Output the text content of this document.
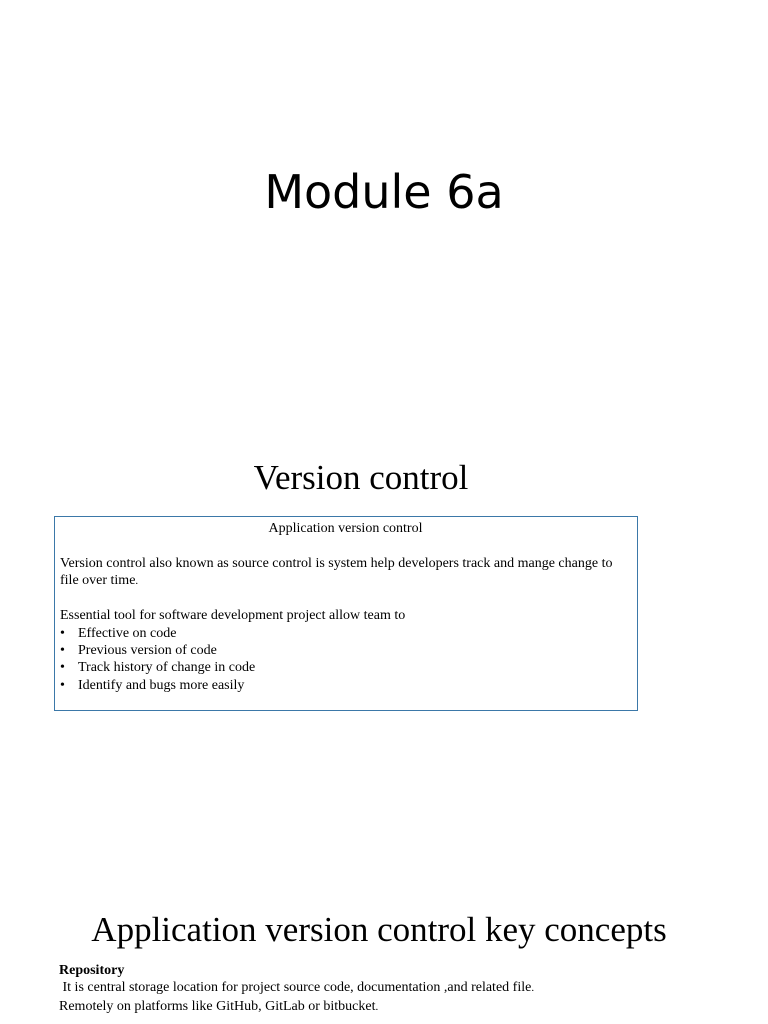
Module 6a
Version control

Application version control

Version control also known as source control is system help developers track and mange change to file over time.

Essential tool for software development project allow team to

• Effective on code
• Previous version of code
• Track history of change in code
• Identify and bugs more easily
Application version control key concepts

Repository

It is central storage location for project source code, documentation ,and related file.

Remotely on platforms like GitHub, GitLab or bitbucket.
